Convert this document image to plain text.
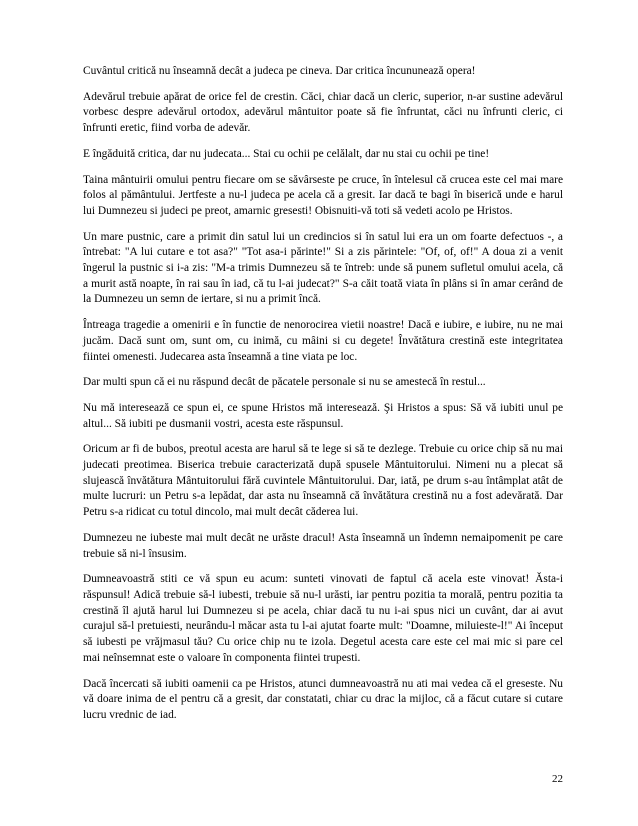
Cuvântul critică nu înseamnă decât a judeca pe cineva. Dar critica încununează opera!

Adevărul trebuie apărat de orice fel de crestin. Căci, chiar dacă un cleric, superior, n-ar sustine adevărul vorbesc despre adevărul ortodox, adevărul mântuitor poate să fie înfruntat, căci nu înfrunti cleric, ci înfrunti eretic, fiind vorba de adevăr.

E îngăduită critica, dar nu judecata... Stai cu ochii pe celălalt, dar nu stai cu ochii pe tine!

Taina mântuirii omului pentru fiecare om se săvârseste pe cruce, în întelesul că crucea este cel mai mare folos al pământului. Jertfeste a nu-l judeca pe acela că a gresit. Iar dacă te bagi în biserică unde e harul lui Dumnezeu si judeci pe preot, amarnic gresesti! Obisnuiti-vă toti să vedeti acolo pe Hristos.

Un mare pustnic, care a primit din satul lui un credincios si în satul lui era un om foarte defectuos -, a întrebat: "A lui cutare e tot asa?" "Tot asa-i părinte!" Si a zis părintele: "Of, of, of!" A doua zi a venit îngerul la pustnic si i-a zis: "M-a trimis Dumnezeu să te întreb: unde să punem sufletul omului acela, că a murit astă noapte, în rai sau în iad, că tu l-ai judecat?" S-a căit toată viata în plâns si în amar cerând de la Dumnezeu un semn de iertare, si nu a primit încă.

Întreaga tragedie a omenirii e în functie de nenorocirea vietii noastre! Dacă e iubire, e iubire, nu ne mai jucăm. Dacă sunt om, sunt om, cu inimă, cu mâini si cu degete! Învătătura crestină este integritatea fiintei omenesti. Judecarea asta înseamnă a tine viata pe loc.

Dar multi spun că ei nu răspund decât de păcatele personale si nu se amestecă în restul...

Nu mă interesează ce spun ei, ce spune Hristos mă interesează. Şi Hristos a spus: Să vă iubiti unul pe altul... Să iubiti pe dusmanii vostri, acesta este răspunsul.

Oricum ar fi de bubos, preotul acesta are harul să te lege si să te dezlege. Trebuie cu orice chip să nu mai judecati preotimea. Biserica trebuie caracterizată după spusele Mântuitorului. Nimeni nu a plecat să slujească învătătura Mântuitorului fără cuvintele Mântuitorului. Dar, iată, pe drum s-au întâmplat atât de multe lucruri: un Petru s-a lepădat, dar asta nu înseamnă că învătătura crestină nu a fost adevărată. Dar Petru s-a ridicat cu totul dincolo, mai mult decât căderea lui.

Dumnezeu ne iubeste mai mult decât ne urăste dracul! Asta înseamnă un îndemn nemaipomenit pe care trebuie să ni-l însusim.

Dumneavoastră stiti ce vă spun eu acum: sunteti vinovati de faptul că acela este vinovat! Ăsta-i răspunsul! Adică trebuie să-l iubesti, trebuie să nu-l urăsti, iar pentru pozitia ta morală, pentru pozitia ta crestină îl ajută harul lui Dumnezeu si pe acela, chiar dacă tu nu i-ai spus nici un cuvânt, dar ai avut curajul să-l pretuiesti, neurându-l măcar asta tu l-ai ajutat foarte mult: "Doamne, miluieste-l!" Ai început să iubesti pe vrăjmasul tău? Cu orice chip nu te izola. Degetul acesta care este cel mai mic si pare cel mai neînsemnat este o valoare în componenta fiintei trupesti.

Dacă încercati să iubiti oamenii ca pe Hristos, atunci dumneavoastră nu ati mai vedea că el greseste. Nu vă doare inima de el pentru că a gresit, dar constatati, chiar cu drac la mijloc, că a făcut cutare si cutare lucru vrednic de iad.

22
